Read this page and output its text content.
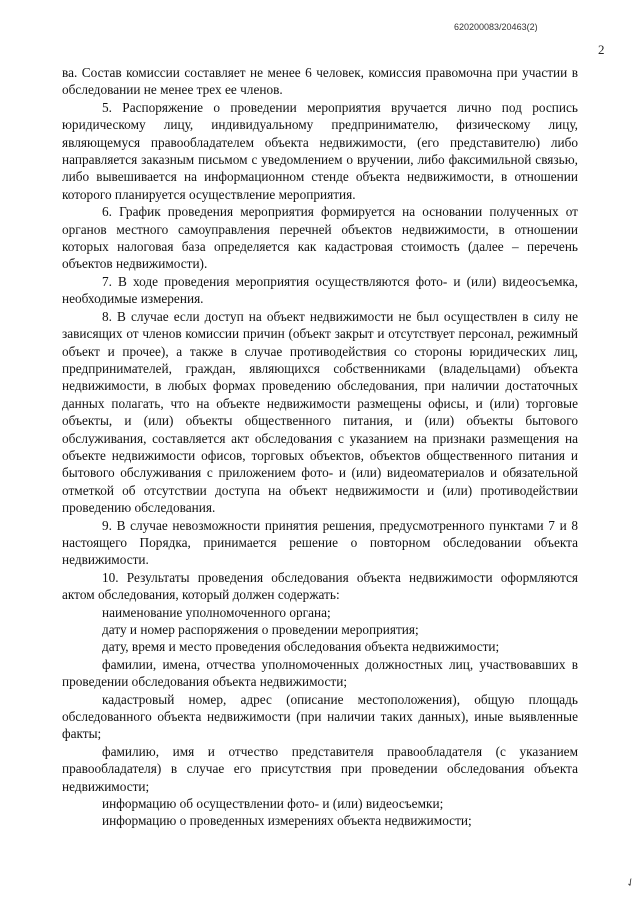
620200083/20463(2)
2

ва. Состав комиссии составляет не менее 6 человек, комиссия правомочна при участии в обследовании не менее трех ее членов.

5. Распоряжение о проведении мероприятия вручается лично под роспись юридическому лицу, индивидуальному предпринимателю, физическому лицу, являющемуся правообладателем объекта недвижимости, (его представителю) либо направляется заказным письмом с уведомлением о вручении, либо факсимильной связью, либо вывешивается на информационном стенде объекта недвижимости, в отношении которого планируется осуществление мероприятия.

6. График проведения мероприятия формируется на основании полученных от органов местного самоуправления перечней объектов недвижимости, в отношении которых налоговая база определяется как кадастровая стоимость (далее – перечень объектов недвижимости).

7. В ходе проведения мероприятия осуществляются фото- и (или) видеосъемка, необходимые измерения.

8. В случае если доступ на объект недвижимости не был осуществлен в силу не зависящих от членов комиссии причин (объект закрыт и отсутствует персонал, режимный объект и прочее), а также в случае противодействия со стороны юридических лиц, предпринимателей, граждан, являющихся собственниками (владельцами) объекта недвижимости, в любых формах проведению обследования, при наличии достаточных данных полагать, что на объекте недвижимости размещены офисы, и (или) торговые объекты, и (или) объекты общественного питания, и (или) объекты бытового обслуживания, составляется акт обследования с указанием на признаки размещения на объекте недвижимости офисов, торговых объектов, объектов общественного питания и бытового обслуживания с приложением фото- и (или) видеоматериалов и обязательной отметкой об отсутствии доступа на объект недвижимости и (или) противодействии проведению обследования.

9. В случае невозможности принятия решения, предусмотренного пунктами 7 и 8 настоящего Порядка, принимается решение о повторном обследовании объекта недвижимости.

10. Результаты проведения обследования объекта недвижимости оформляются актом обследования, который должен содержать:

наименование уполномоченного органа;

дату и номер распоряжения о проведении мероприятия;

дату, время и место проведения обследования объекта недвижимости;

фамилии, имена, отчества уполномоченных должностных лиц, участвовавших в проведении обследования объекта недвижимости;

кадастровый номер, адрес (описание местоположения), общую площадь обследованного объекта недвижимости (при наличии таких данных), иные выявленные факты;

фамилию, имя и отчество представителя правообладателя (с указанием правообладателя) в случае его присутствия при проведении обследования объекта недвижимости;

информацию об осуществлении фото- и (или) видеосъемки;

информацию о проведенных измерениях объекта недвижимости;

✓
